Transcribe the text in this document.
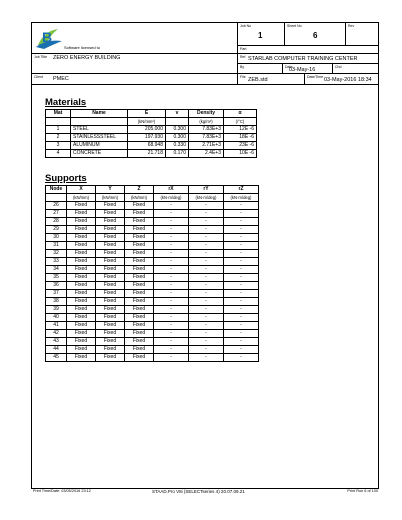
B
Software licensed to
Job No
1
Sheet No
6
Rev
Part
Job Title ZERO ENERGY BUILDING	Ref STARLAB COMPUTER TRAINING CENTER
By	Date
03-May-16	Chd
Client PMEC	File ZEB.std	Date/Time 03-May-2016 18:34
Materials
Mat	Name	E	v	Density	α
		(kN/mm²)		(kg/m³)	(/°C)
1	STEEL	205.000	0.300	7.83E+3	12E -6
2	STAINLESSSTEEL	197.930	0.300	7.83E+3	18E -6
3	ALUMINUM	68.948	0.330	2.71E+3	23E -6
4	CONCRETE	21.718	0.170	2.4E+3	10E -6
Supports
Node	X	Y	Z	rX	rY	rZ
	(kN/mm)	(kN/mm)	(kN/mm)	(kN·m/deg)	(kN·m/deg)	(kN·m/deg)
26	Fixed	Fixed	Fixed	-	-	-
27	Fixed	Fixed	Fixed	-	-	-
28	Fixed	Fixed	Fixed	-	-	-
29	Fixed	Fixed	Fixed	-	-	-
30	Fixed	Fixed	Fixed	-	-	-
31	Fixed	Fixed	Fixed	-	-	-
32	Fixed	Fixed	Fixed	-	-	-
33	Fixed	Fixed	Fixed	-	-	-
34	Fixed	Fixed	Fixed	-	-	-
35	Fixed	Fixed	Fixed	-	-	-
36	Fixed	Fixed	Fixed	-	-	-
37	Fixed	Fixed	Fixed	-	-	-
38	Fixed	Fixed	Fixed	-	-	-
39	Fixed	Fixed	Fixed	-	-	-
40	Fixed	Fixed	Fixed	-	-	-
41	Fixed	Fixed	Fixed	-	-	-
42	Fixed	Fixed	Fixed	-	-	-
43	Fixed	Fixed	Fixed	-	-	-
44	Fixed	Fixed	Fixed	-	-	-
45	Fixed	Fixed	Fixed	-	-	-
Print Time/Date: 03/05/2016 23:12	STAAD.Pro V8i (SELECTseries 4) 20.07.09.21	Print Run 6 of 100
